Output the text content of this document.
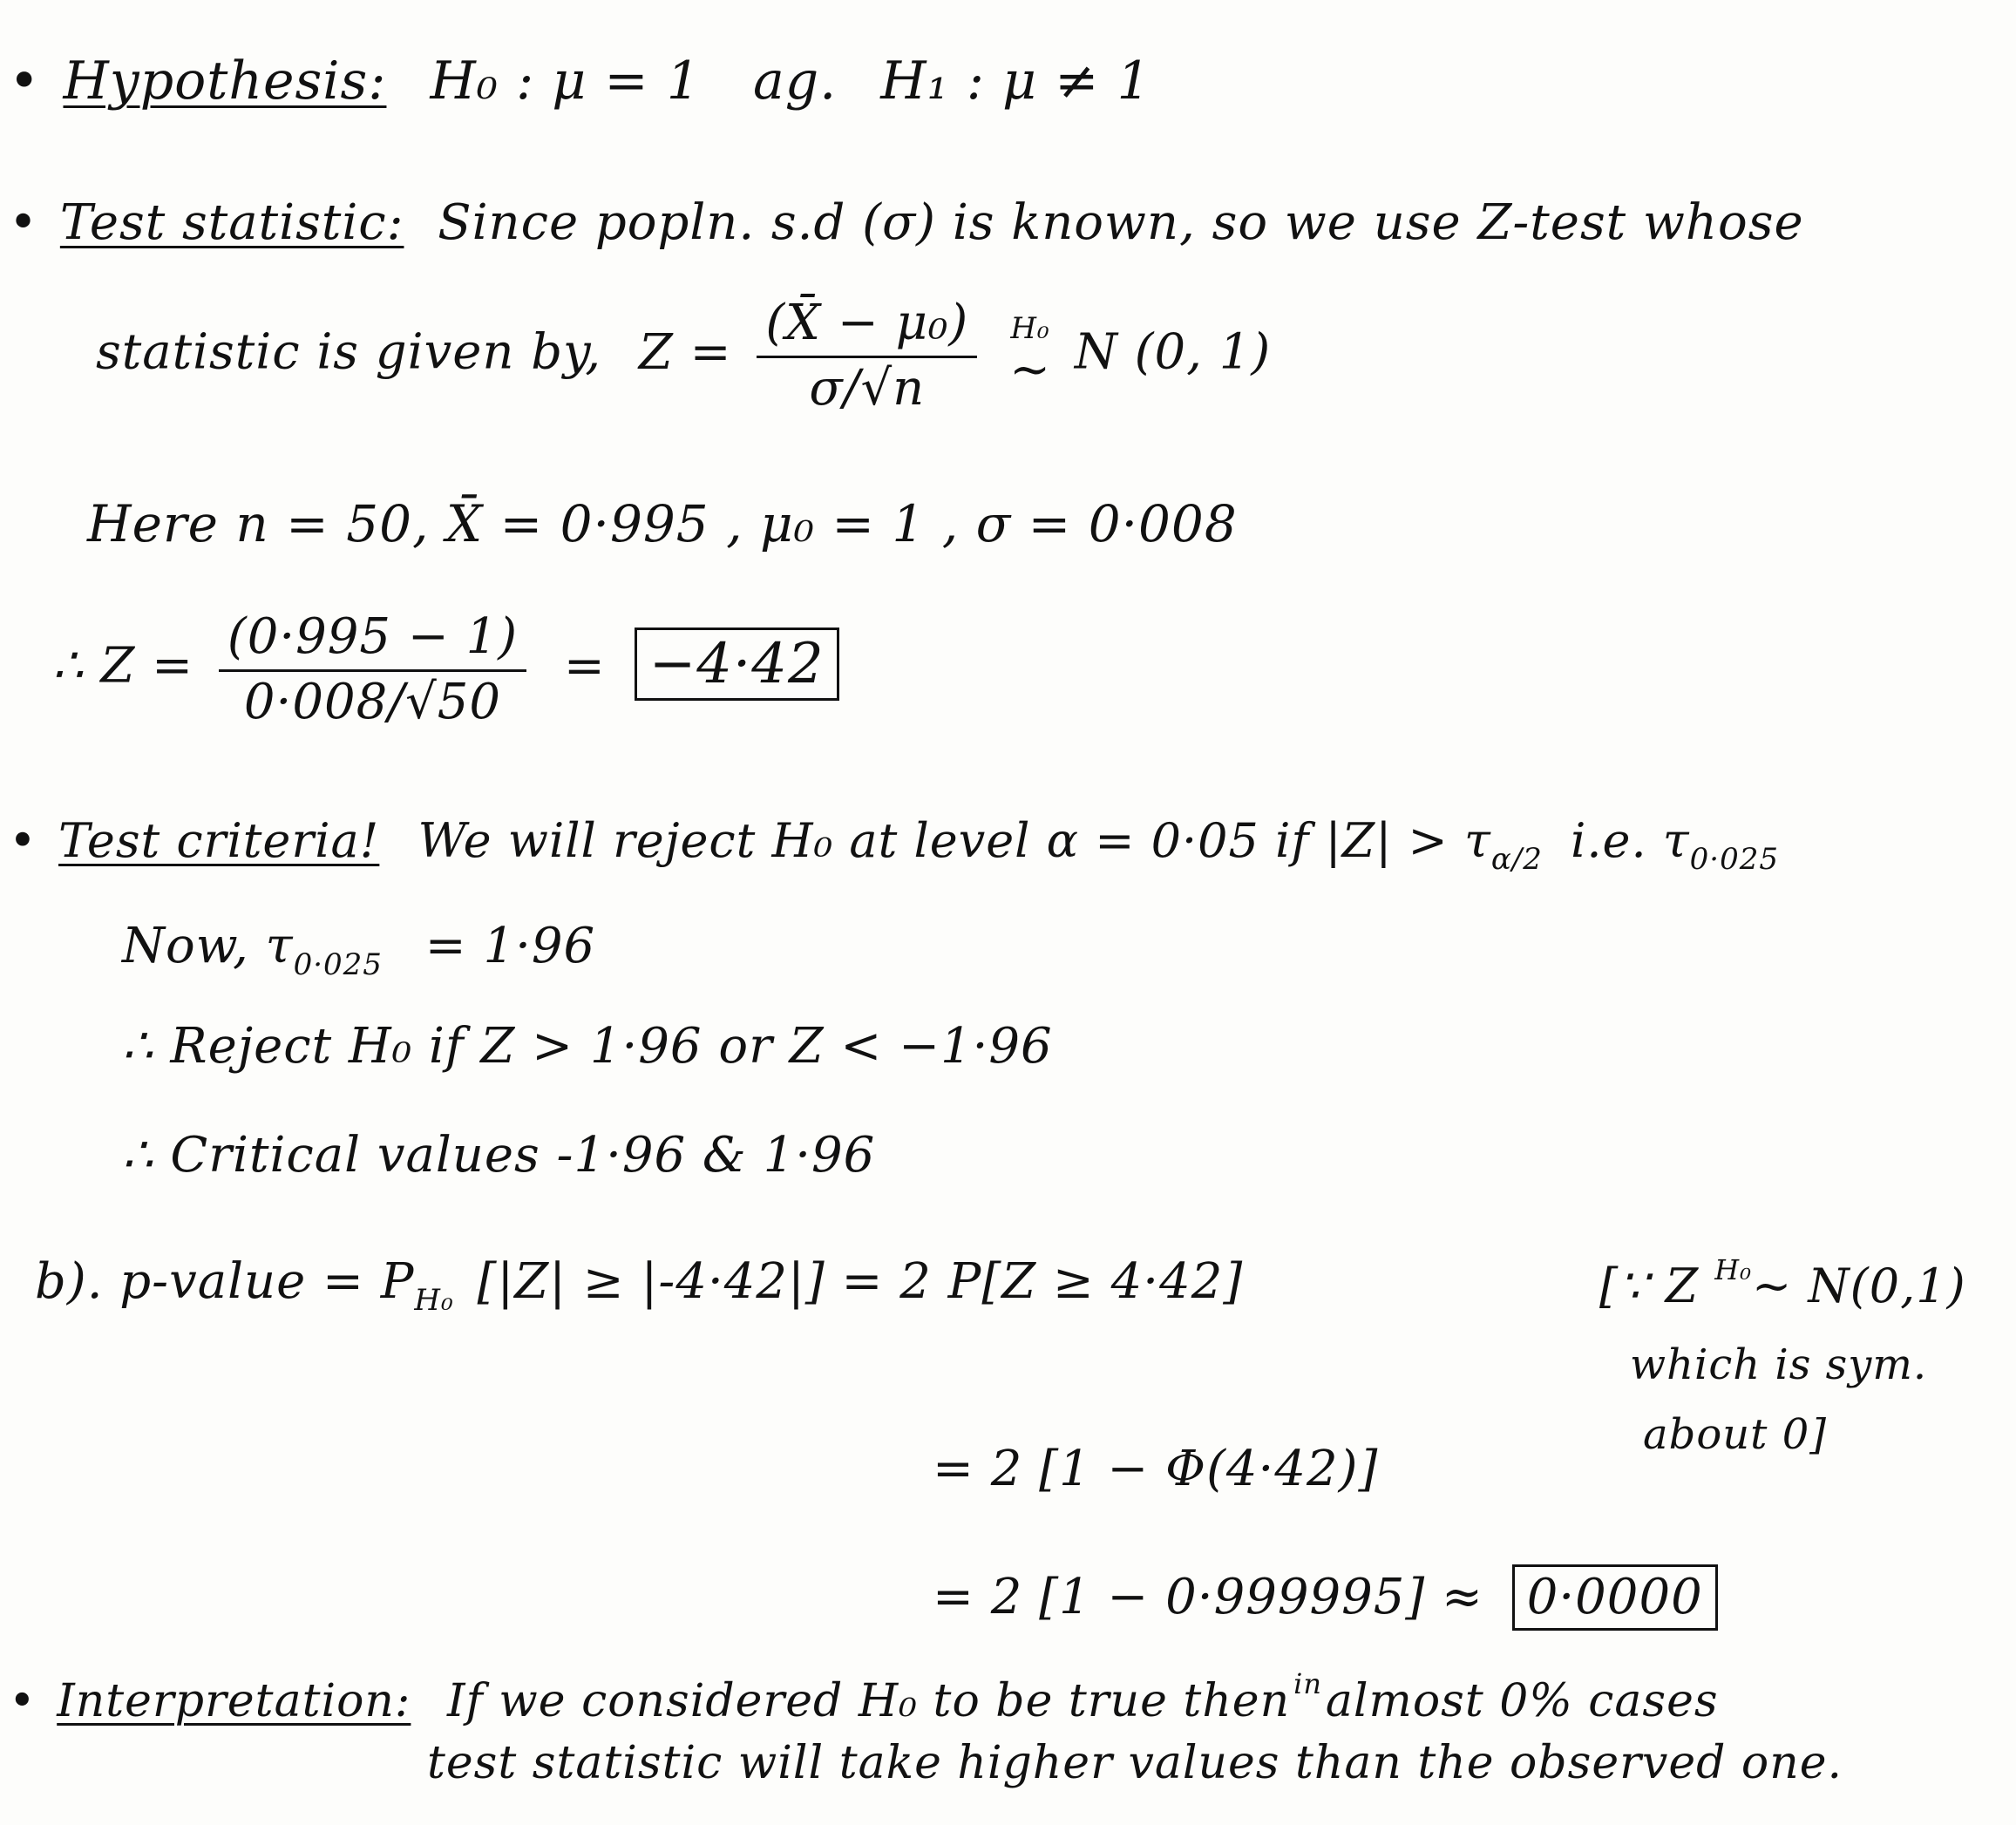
• Hypothesis: H₀ : μ = 1 ag. H₁ : μ ≠ 1
• Test statistic: Since popln. s.d (σ) is known, so we use Z-test whose
statistic is given by, $Z = \frac{\text{(X̄ − μ₀)}}{\sigma/√n}$
H₀
~ N (0, 1)
Here n = 50, X̄ = 0·995 , μ₀ = 1 , σ = 0·008
∴ $Z = \frac{(0\cdot 995 - 1)}{0\cdot 008/√50} = -4\cdot 42$
• Test criteria! We will reject H₀ at level α = 0·05 if $|Z| > \tau_{\alpha/2}$ i.e. $\tau_{0\cdot 025}$
Now, $\tau_{0\cdot 025} = 1\cdot 96$
∴ Reject H₀ if Z > 1·96 or Z < −1·96
∴ Critical values -1·96 & 1·96
b). p-value = $P_{H_0}$ [|Z| ≥ |-4·42|] = 2 P[Z ≥ 4·42]	[∵ Z $^{H_0}$~ N(0,1)
which is sym.
about 0]
= 2 [1 − Φ(4·42)]
= 2 [1 − 0·999995] ≈ 0·0000
• Interpretation: If we considered H₀ to be true then $^{in}$almost 0% cases
test statistic will take higher values than the observed one.
